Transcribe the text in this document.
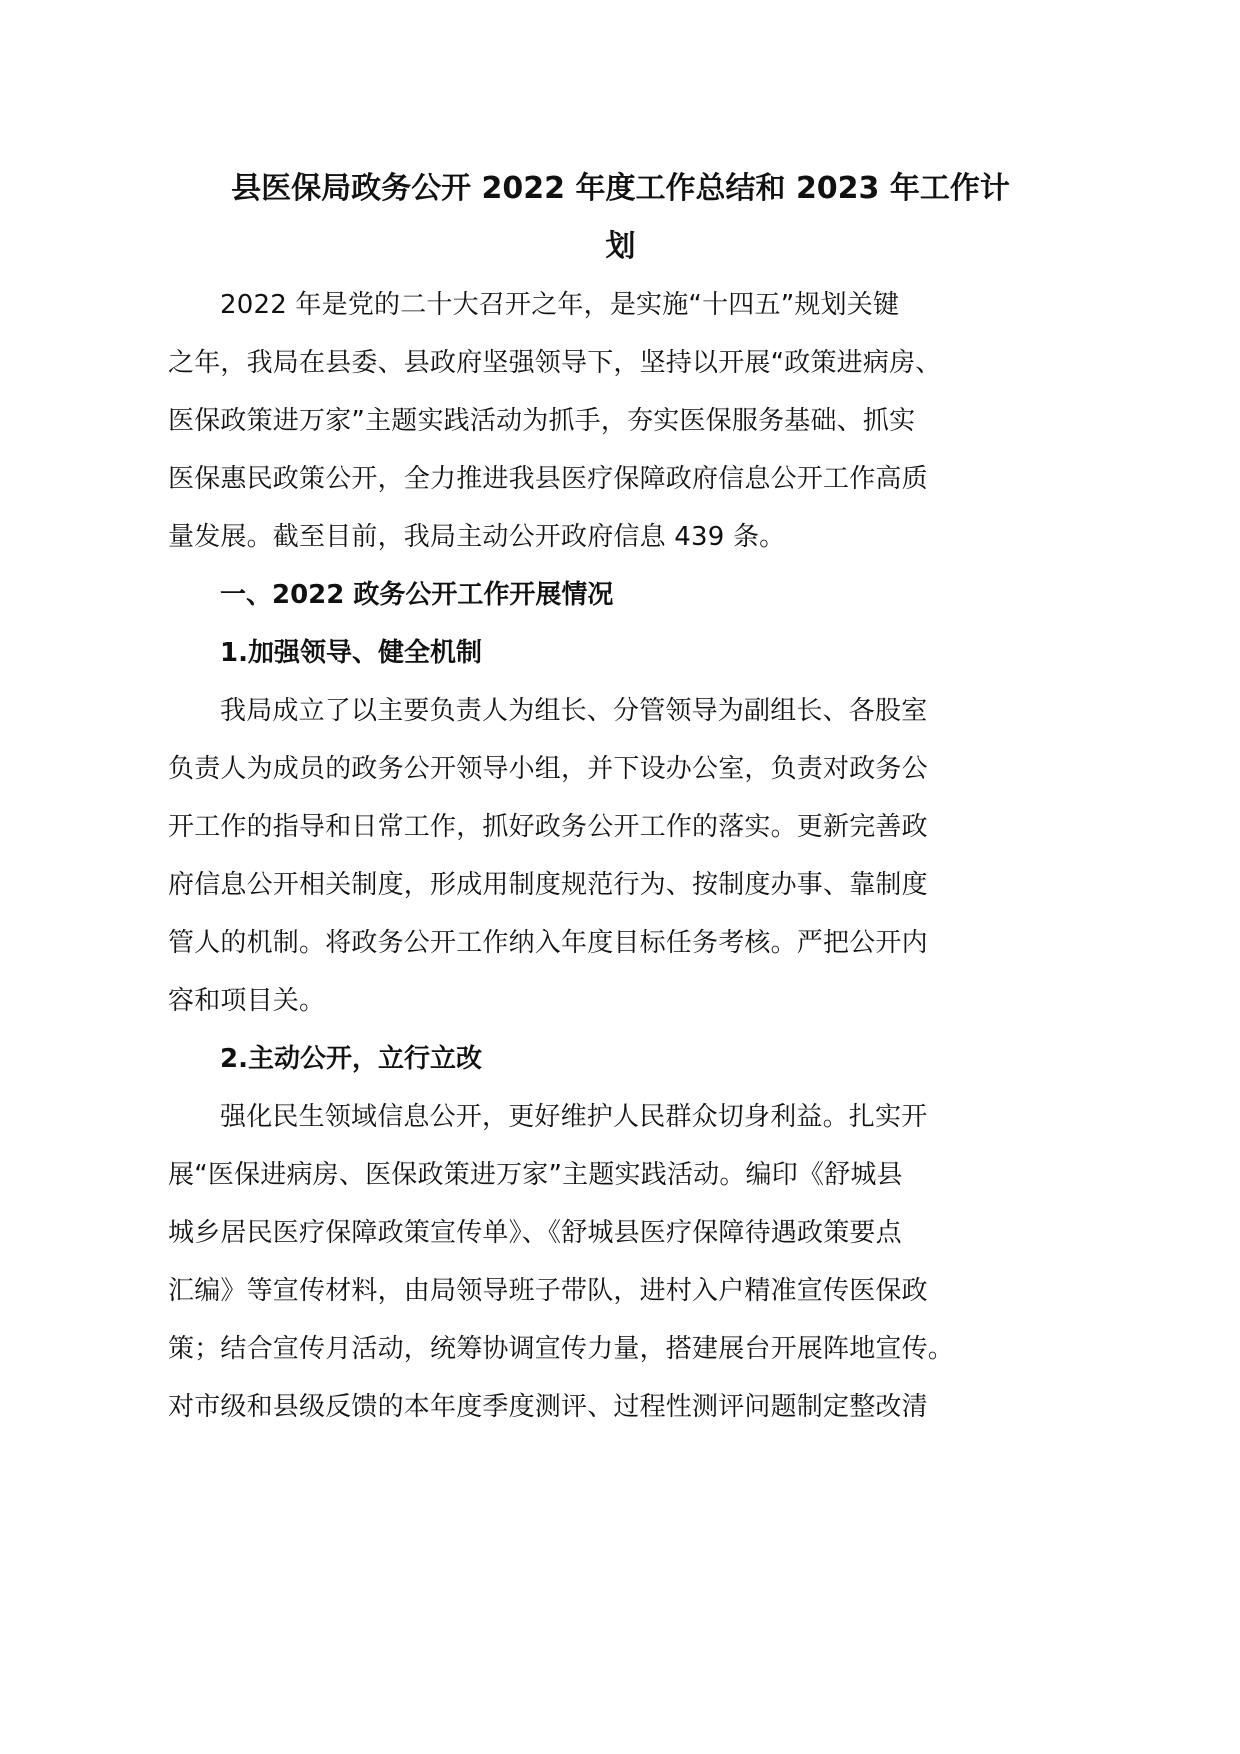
县医保局政务公开 2022 年度工作总结和 2023 年工作计
划
2022 年是党的二十大召开之年，是实施“十四五”规划关键
之年，我局在县委、县政府坚强领导下，坚持以开展“政策进病房、
医保政策进万家”主题实践活动为抓手，夯实医保服务基础、抓实
医保惠民政策公开，全力推进我县医疗保障政府信息公开工作高质
量发展。截至目前，我局主动公开政府信息 439 条。
一、2022 政务公开工作开展情况
1.加强领导、健全机制
我局成立了以主要负责人为组长、分管领导为副组长、各股室
负责人为成员的政务公开领导小组，并下设办公室，负责对政务公
开工作的指导和日常工作，抓好政务公开工作的落实。更新完善政
府信息公开相关制度，形成用制度规范行为、按制度办事、靠制度
管人的机制。将政务公开工作纳入年度目标任务考核。严把公开内
容和项目关。
2.主动公开，立行立改
强化民生领域信息公开，更好维护人民群众切身利益。扎实开
展“医保进病房、医保政策进万家”主题实践活动。编印《舒城县
城乡居民医疗保障政策宣传单》、《舒城县医疗保障待遇政策要点
汇编》等宣传材料，由局领导班子带队，进村入户精准宣传医保政
策；结合宣传月活动，统筹协调宣传力量，搭建展台开展阵地宣传。
对市级和县级反馈的本年度季度测评、过程性测评问题制定整改清
